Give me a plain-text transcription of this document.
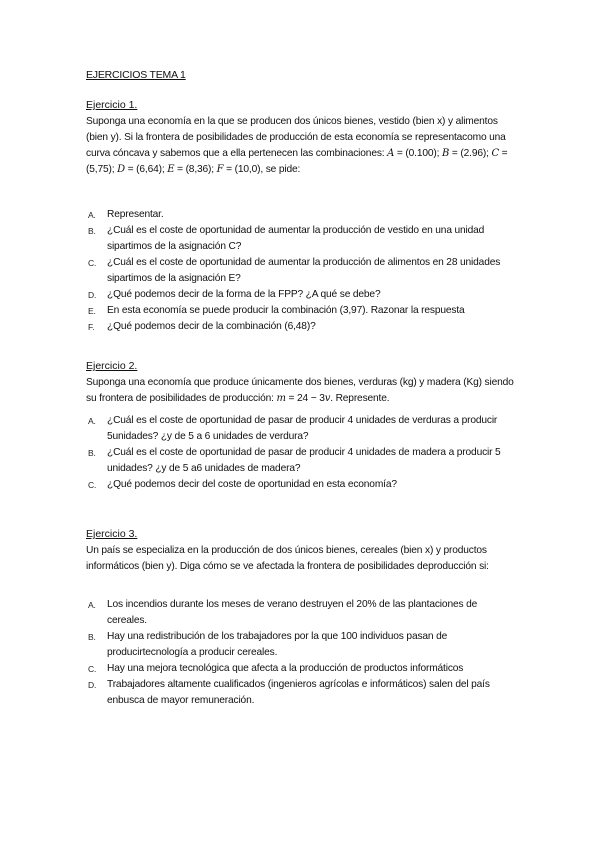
EJERCICIOS TEMA 1
Ejercicio 1.
Suponga una economía en la que se producen dos únicos bienes, vestido (bien x) y alimentos (bien y). Si la frontera de posibilidades de producción de esta economía se representacomo una curva cóncava y sabemos que a ella pertenecen las combinaciones: A = (0.100); B = (2.96); C = (5,75); D = (6,64); E = (8,36); F = (10,0), se pide:
A. Representar.
B. ¿Cuál es el coste de oportunidad de aumentar la producción de vestido en una unidad sipartimos de la asignación C?
C. ¿Cuál es el coste de oportunidad de aumentar la producción de alimentos en 28 unidades sipartimos de la asignación E?
D. ¿Qué podemos decir de la forma de la FPP? ¿A qué se debe?
E. En esta economía se puede producir la combinación (3,97). Razonar la respuesta
F. ¿Qué podemos decir de la combinación (6,48)?
Ejercicio 2.
Suponga una economía que produce únicamente dos bienes, verduras (kg) y madera (Kg) siendo su frontera de posibilidades de producción: m = 24 − 3v. Represente.
A. ¿Cuál es el coste de oportunidad de pasar de producir 4 unidades de verduras a producir 5unidades? ¿y de 5 a 6 unidades de verdura?
B. ¿Cuál es el coste de oportunidad de pasar de producir 4 unidades de madera a producir 5 unidades? ¿y de 5 a6 unidades de madera?
C. ¿Qué podemos decir del coste de oportunidad en esta economía?
Ejercicio 3.
Un país se especializa en la producción de dos únicos bienes, cereales (bien x) y productos informáticos (bien y). Diga cómo se ve afectada la frontera de posibilidades deproducción si:
A. Los incendios durante los meses de verano destruyen el 20% de las plantaciones de cereales.
B. Hay una redistribución de los trabajadores por la que 100 individuos pasan de producirtecnología a producir cereales.
C. Hay una mejora tecnológica que afecta a la producción de productos informáticos
D. Trabajadores altamente cualificados (ingenieros agrícolas e informáticos) salen del país enbusca de mayor remuneración.
